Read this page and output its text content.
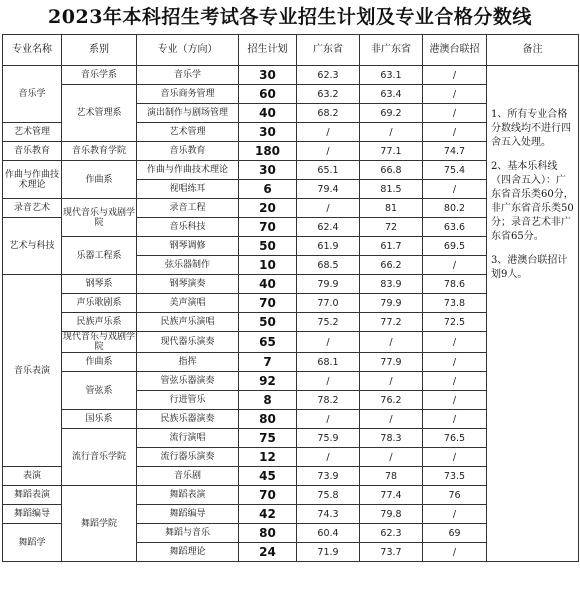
2023年本科招生考试各专业招生计划及专业合格分数线
专业名称	系别	专业（方向）	招生计划	广东省	非广东省	港澳台联招	备注
音乐学	音乐学系	音乐学	30	62.3	63.1	/	1、所有专业合格分数线均不进行四舍五入处理。

2、基本乐科线（四舍五入）：广东省音乐类60分，非广东省音乐类50分；录音艺术非广东省65分。

3、港澳台联招计划9人。

	艺术管理系	音乐商务管理	60	63.2	63.4	/	
		演出制作与剧场管理	40	68.2	69.2	/	
艺术管理		艺术管理	30	/	/	/	
音乐教育	音乐教育学院	音乐教育	180	/	77.1	74.7	
作曲与作曲技术理论	作曲系	作曲与作曲技术理论	30	65.1	66.8	75.4	
		视唱练耳	6	79.4	81.5	/	
录音艺术	现代音乐与戏剧学院	录音工程	20	/	81	80.2	
艺术与科技		音乐科技	70	62.4	72	63.6	
	乐器工程系	钢琴调修	50	61.9	61.7	69.5	
		弦乐器制作	10	68.5	66.2	/	
音乐表演	钢琴系	钢琴演奏	40	79.9	83.9	78.6	
	声乐歌剧系	美声演唱	70	77.0	79.9	73.8	
	民族声乐系	民族声乐演唱	50	75.2	77.2	72.5	
	现代音乐与戏剧学院	现代器乐演奏	65	/	/	/	
	作曲系	指挥	7	68.1	77.9	/	
	管弦系	管弦乐器演奏	92	/	/	/	
		行进管乐	8	78.2	76.2	/	
	国乐系	民族乐器演奏	80	/	/	/	
	流行音乐学院	流行演唱	75	75.9	78.3	76.5	
		流行器乐演奏	12	/	/	/	
表演		音乐剧	45	73.9	78	73.5	
舞蹈表演	舞蹈学院	舞蹈表演	70	75.8	77.4	76	
舞蹈编导		舞蹈编导	42	74.3	79.8	/	
舞蹈学		舞蹈与音乐	80	60.4	62.3	69	
		舞蹈理论	24	71.9	73.7	/	
